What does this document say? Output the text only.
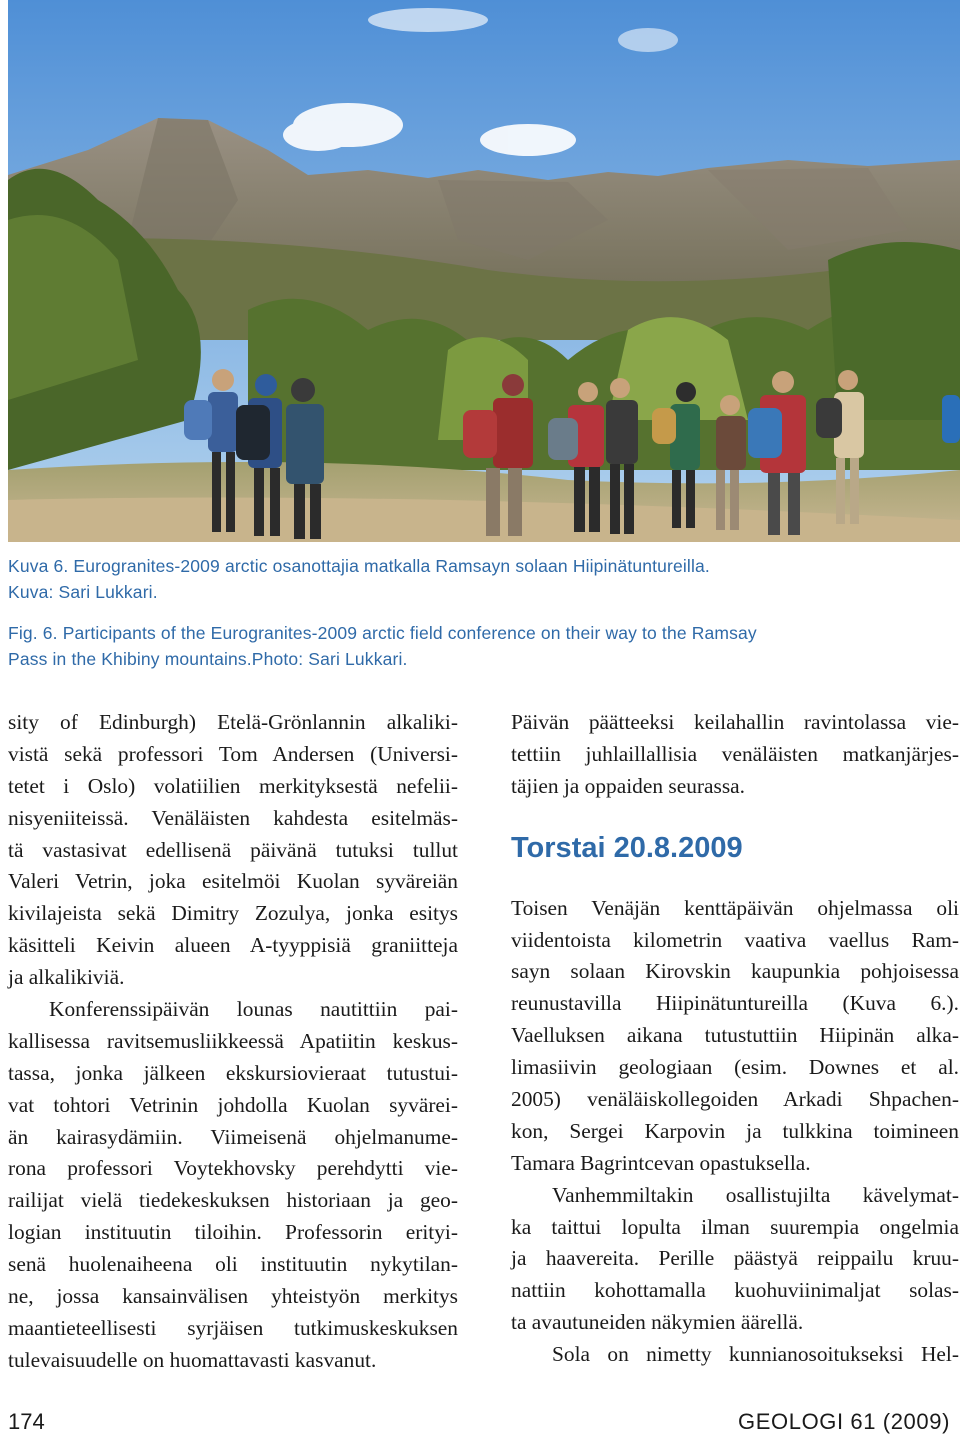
Kuva 6. Eurogranites-2009 arctic osanottajia matkalla Ramsayn solaan Hiipinätuntureilla.
Kuva: Sari Lukkari.
Fig. 6. Participants of the Eurogranites-2009 arctic field conference on their way to the Ramsay
Pass in the Khibiny mountains.Photo: Sari Lukkari.
sity of Edinburgh) Etelä-Grönlannin alkaliki-
vistä sekä professori Tom Andersen (Universi-
tetet i Oslo) volatiilien merkityksestä nefelii-
nisyeniiteissä. Venäläisten kahdesta esitelmäs-
tä vastasivat edellisenä päivänä tutuksi tullut
Valeri Vetrin, joka esitelmöi Kuolan syväreiän
kivilajeista sekä Dimitry Zozulya, jonka esitys
käsitteli Keivin alueen A-tyyppisiä graniitteja
ja alkalikiviä.
Konferenssipäivän lounas nautittiin pai-
kallisessa ravitsemusliikkeessä Apatiitin keskus-
tassa, jonka jälkeen ekskursiovieraat tutustui-
vat tohtori Vetrinin johdolla Kuolan syvärei-
än kairasydämiin. Viimeisenä ohjelmanume-
rona professori Voytekhovsky perehdytti vie-
railijat vielä tiedekeskuksen historiaan ja geo-
logian instituutin tiloihin. Professorin erityi-
senä huolenaiheena oli instituutin nykytilan-
ne, jossa kansainvälisen yhteistyön merkitys
maantieteellisesti syrjäisen tutkimuskeskuksen
tulevaisuudelle on huomattavasti kasvanut.
Päivän päätteeksi keilahallin ravintolassa vie-
tettiin juhlaillallisia venäläisten matkanjärjes-
täjien ja oppaiden seurassa.
Torstai 20.8.2009
Toisen Venäjän kenttäpäivän ohjelmassa oli
viidentoista kilometrin vaativa vaellus Ram-
sayn solaan Kirovskin kaupunkia pohjoisessa
reunustavilla Hiipinätuntureilla (Kuva 6.).
Vaelluksen aikana tutustuttiin Hiipinän alka-
limasiivin geologiaan (esim. Downes et al.
2005) venäläiskollegoiden Arkadi Shpachen-
kon, Sergei Karpovin ja tulkkina toimineen
Tamara Bagrintcevan opastuksella.
Vanhemmiltakin osallistujilta kävelymat-
ka taittui lopulta ilman suurempia ongelmia
ja haavereita. Perille päästyä reippailu kruu-
nattiin kohottamalla kuohuviinimaljat solas-
ta avautuneiden näkymien äärellä.
Sola on nimetty kunnianosoitukseksi Hel-
174	GEOLOGI 61 (2009)
